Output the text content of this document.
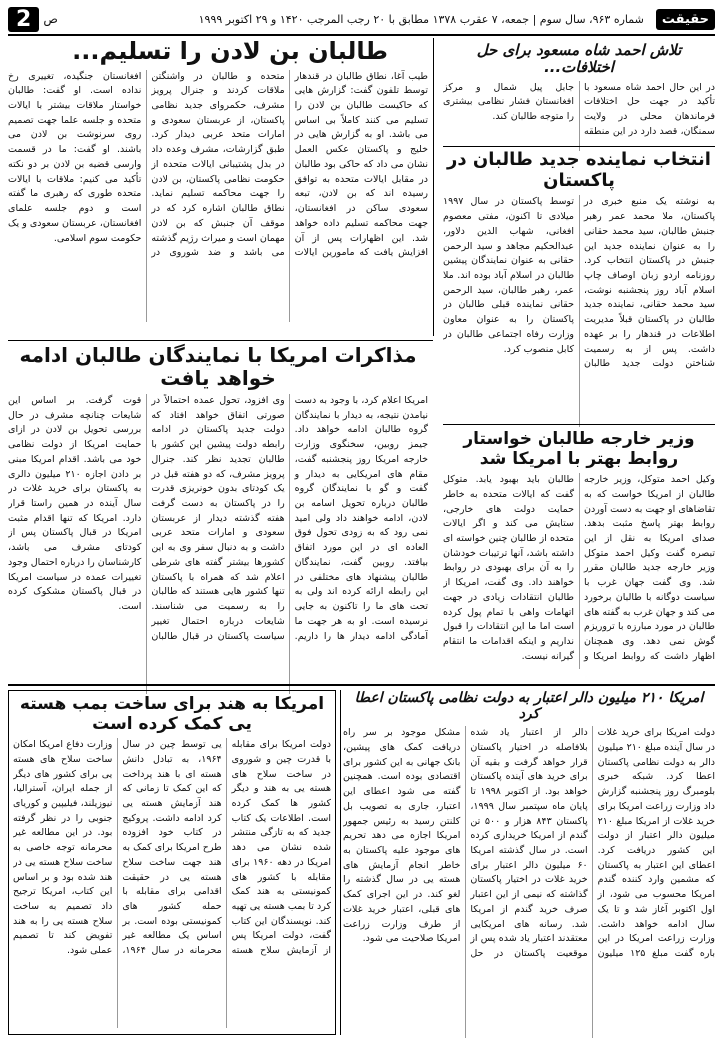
حقیقت
شماره ۹۶۳، سال سوم | جمعه، ۷ عقرب ۱۳۷۸ مطابق با ۲۰ رجب المرجب ۱۴۲۰ و ۲۹ اکتوبر ۱۹۹۹
ص
2
تلاش احمد شاه مسعود برای حل اختلافات...
در این حال احمد شاه مسعود با تأکید در جهت حل اختلافات فرماندهان محلی در ولایت سمنگان، قصد دارد در این منطقه جابل پیل شمال و مرکز افغانستان فشار نظامی بیشتری را متوجه طالبان کند.
طالبان بن لادن را تسلیم...
طیب آغا، نطاق طالبان در قندهار توسط تلفون گفت: گزارش هایی که حاکیست طالبان بن لادن را تسلیم می کنند کاملاً بی اساس می باشد. او به گزارش هایی در خلیج و پاکستان عکس العمل نشان می داد که حاکی بود طالبان در مقابل ایالات متحده به توافق رسیده اند که بن لادن، تبعه سعودی ساکن در افغانستان، جهت محاکمه تسلیم داده خواهد شد. این اظهارات پس از آن افزایش یافت که مامورین ایالات متحده و طالبان در واشنگتن ملاقات کردند و جنرال پرویز مشرف، حکمروای جدید نظامی پاکستان، از عربستان سعودی و امارات متحد عربی دیدار کرد. طبق گزارشات، مشرف وعده داد در بدل پشتیبانی ایالات متحده از حکومت نظامی پاکستان، بن لادن را جهت محاکمه تسلیم نماید. نطاق طالبان اشاره کرد که در موقف آن جنبش که بن لادن مهمان است و میراث رژیم گذشته می باشد و ضد شوروی در افغانستان جنگیده، تغییری رخ نداده است. او گفت: طالبان خواستار ملاقات بیشتر با ایالات متحده و جلسه علما جهت تصمیم روی سرنوشت بن لادن می باشند. او گفت: ما در قسمت وارسی قضیه بن لادن بر دو نکته تأکید می کنیم: ملاقات با ایالات متحده طوری که رهبری ما گفته است و دوم جلسه علمای افغانستان، عربستان سعودی و یک حکومت سوم اسلامی.
انتخاب نماینده جدید طالبان در پاکستان
به نوشته یک منبع خبری در پاکستان، ملا محمد عمر رهبر جنبش طالبان، سید محمد حقانی را به عنوان نماینده جدید این جنبش در پاکستان انتخاب کرد. روزنامه اردو زبان اوصاف چاپ اسلام آباد روز پنجشنبه نوشت، سید محمد حقانی، نماینده جدید طالبان در پاکستان قبلاً مدیریت اطلاعات در قندهار را بر عهده داشت. پس از به رسمیت شناختن دولت جدید طالبان توسط پاکستان در سال ۱۹۹۷ میلادی تا اکنون، مفتی معصوم افغانی، شهاب الدین دلاور، عبدالحکیم مجاهد و سید الرحمن حقانی به عنوان نمایندگان پیشین طالبان در اسلام آباد بوده اند. ملا عمر، رهبر طالبان، سید الرحمن حقانی نماینده قبلی طالبان در پاکستان را به عنوان معاون وزارت رفاه اجتماعی طالبان در کابل منصوب کرد.
مذاکرات امریکا با نمایندگان طالبان ادامه خواهد یافت
امریکا اعلام کرد، با وجود به دست نیامدن نتیجه، به دیدار با نمایندگان گروه طالبان ادامه خواهد داد. جیمز روبین، سخنگوی وزارت خارجه امریکا روز پنجشنبه گفت، مقام های امریکایی به دیدار و گفت و گو با نمایندگان گروه طالبان درباره تحویل اسامه بن لادن، ادامه خواهند داد ولی امید نمی رود که به زودی تحول فوق العاده ای در این مورد اتفاق بیافتد. روبین گفت، نمایندگان طالبان پیشنهاد های مختلفی در این رابطه ارائه کرده اند ولی به تحت های ما را تاکنون به جایی نرسیده است. او به هر جهت ما آمادگی ادامه دیدار ها را داریم. وی افزود، تحول عمده احتمالاً در صورتی اتفاق خواهد افتاد که دولت جدید پاکستان در ادامه رابطه دولت پیشین این کشور با طالبان تجدید نظر کند. جنرال پرویز مشرف، که دو هفته قبل در یک کودتای بدون خونریزی قدرت را در پاکستان به دست گرفت هفته گذشته دیدار از عربستان سعودی و امارات متحد عربی داشت و به دنبال سفر وی به این کشورها بیشتر گفته های شرطی اعلام شد که همراه با پاکستان تنها کشور هایی هستند که طالبان را به رسمیت می شناسند. شایعات درباره احتمال تغییر سیاست پاکستان در قبال طالبان قوت گرفت. بر اساس این شایعات چنانچه مشرف در حال بررسی تحویل بن لادن در ازای حمایت امریکا از دولت نظامی خود می باشد. اقدام امریکا مبنی بر دادن اجازه ۲۱۰ میلیون دالری به پاکستان برای خرید غلات در سال آینده در همین راستا قرار دارد. امریکا که تنها اقدام مثبت امریکا در قبال پاکستان پس از کودتای مشرف می باشد، کارشناسان را درباره احتمال وجود تغییرات عمده در سیاست امریکا در قبال پاکستان مشکوک کرده است.
وزیر خارجه طالبان خواستار روابط بهتر با امریکا شد
وکیل احمد متوکل، وزیر خارجه طالبان از امریکا خواست که به تقاضاهای او جهت به دست آوردن روابط بهتر پاسخ مثبت بدهد. صدای امریکا به نقل از این تبصره گفت وکیل احمد متوکل وزیر خارجه جدید طالبان مقرر شد. وی گفت جهان غرب با سیاست دوگانه با طالبان برخورد می کند و جهان غرب به گفته های طالبان در مورد مبارزه با تروریزم گوش نمی دهد. وی همچنان اظهار داشت که روابط امریکا و طالبان باید بهبود یابد. متوکل گفت که ایالات متحده به خاطر حمایت دولت های خارجی، ستایش می کند و اگر ایالات متحده از طالبان چنین خواسته ای داشته باشد، آنها ترتیبات خودشان را به آن برای بهبودی در روابط خواهند داد. وی گفت، امریکا از طالبان انتقادات زیادی در جهت اتهامات واهی با تمام پول کرده است اما ما این انتقادات را قبول نداریم و اینکه اقدامات ما انتقام گیرانه نیست.
امریکا ۲۱۰ میلیون دالر اعتبار به دولت نظامی پاکستان اعطا کرد
دولت امریکا برای خرید غلات در سال آینده مبلغ ۲۱۰ میلیون دالر به دولت نظامی پاکستان اعطا کرد. شبکه خبری بلومبرگ روز پنجشنبه گزارش داد وزارت زراعت امریکا برای خرید غلات از امریکا مبلغ ۲۱۰ میلیون دالر اعتبار از دولت این کشور دریافت کرد. اعطای این اعتبار به پاکستان که مشمین وارد کننده گندم امریکا محسوب می شود، از اول اکتوبر آغاز شد و تا یک سال ادامه خواهد داشت. وزارت زراعت امریکا در این باره گفت مبلغ ۱۲۵ میلیون دالر از اعتبار یاد شده بلافاصله در اختیار پاکستان قرار خواهد گرفت و بقیه آن برای خرید های آینده پاکستان خواهد بود. از اکتوبر ۱۹۹۸ تا پایان ماه سپتمبر سال ۱۹۹۹، پاکستان ۸۴۳ هزار و ۵۰۰ تن گندم از امریکا خریداری کرده است. در سال گذشته امریکا ۶۰ میلیون دالر اعتبار برای خرید غلات در اختیار پاکستان گذاشته که نیمی از این اعتبار صرف خرید گندم از امریکا شد. رسانه های امریکایی معتقدند اعتبار یاد شده پس از موقعیت پاکستان در حل مشکل موجود بر سر راه دریافت کمک های پیشین، بانک جهانی به این کشور برای اقتصادی بوده است. همچنین گفته می شود اعطای این اعتبار، جاری به تصویب بل کلنتن رسید به رئیس جمهور امریکا اجازه می دهد تحریم های موجود علیه پاکستان به خاطر انجام آزمایش های هسته یی در سال گذشته را لغو کند. در این اجرای کمک های قبلی، اعتبار خرید غلات از طرف وزارت زراعت امریکا صلاحیت می شود.
امریکا به هند برای ساخت بمب هسته یی کمک کرده است
دولت امریکا برای مقابله با قدرت چین و شوروی در ساخت سلاح های هسته یی به هند و دیگر کشور ها کمک کرده است. اطلاعات یک کتاب جدید که به تازگی منتشر شده نشان می دهد امریکا در دهه ۱۹۶۰ برای مقابله با کشور های کمونیستی به هند کمک کرد تا بمب هسته یی تهیه کند. نویسندگان این کتاب گفت، دولت امریکا پس از آزمایش سلاح هسته یی توسط چین در سال ۱۹۶۴، به تبادل دانش هسته ای با هند پرداخت که این کمک تا زمانی که هند آزمایش هسته یی کرد ادامه داشت. پروکیج در کتاب خود افزوده طرح امریکا برای کمک به هند جهت ساخت سلاح هسته یی در حقیقت اقدامی برای مقابله با حمله کشور های کمونیستی بوده است. بر اساس یک مطالعه غیر محرمانه در سال ۱۹۶۴، وزارت دفاع امریکا امکان ساخت سلاح های هسته یی برای کشور های دیگر از جمله ایران، آسترالیا، نیوزیلند، فیلیپین و کوریای جنوبی را در نظر گرفته بود. در این مطالعه غیر محرمانه توجه خاصی به ساخت سلاح هسته یی در هند شده بود و بر اساس این کتاب، امریکا ترجیح داد تصمیم به ساخت سلاح هسته یی را به هند تفویض کند تا تصمیم عملی شود.
